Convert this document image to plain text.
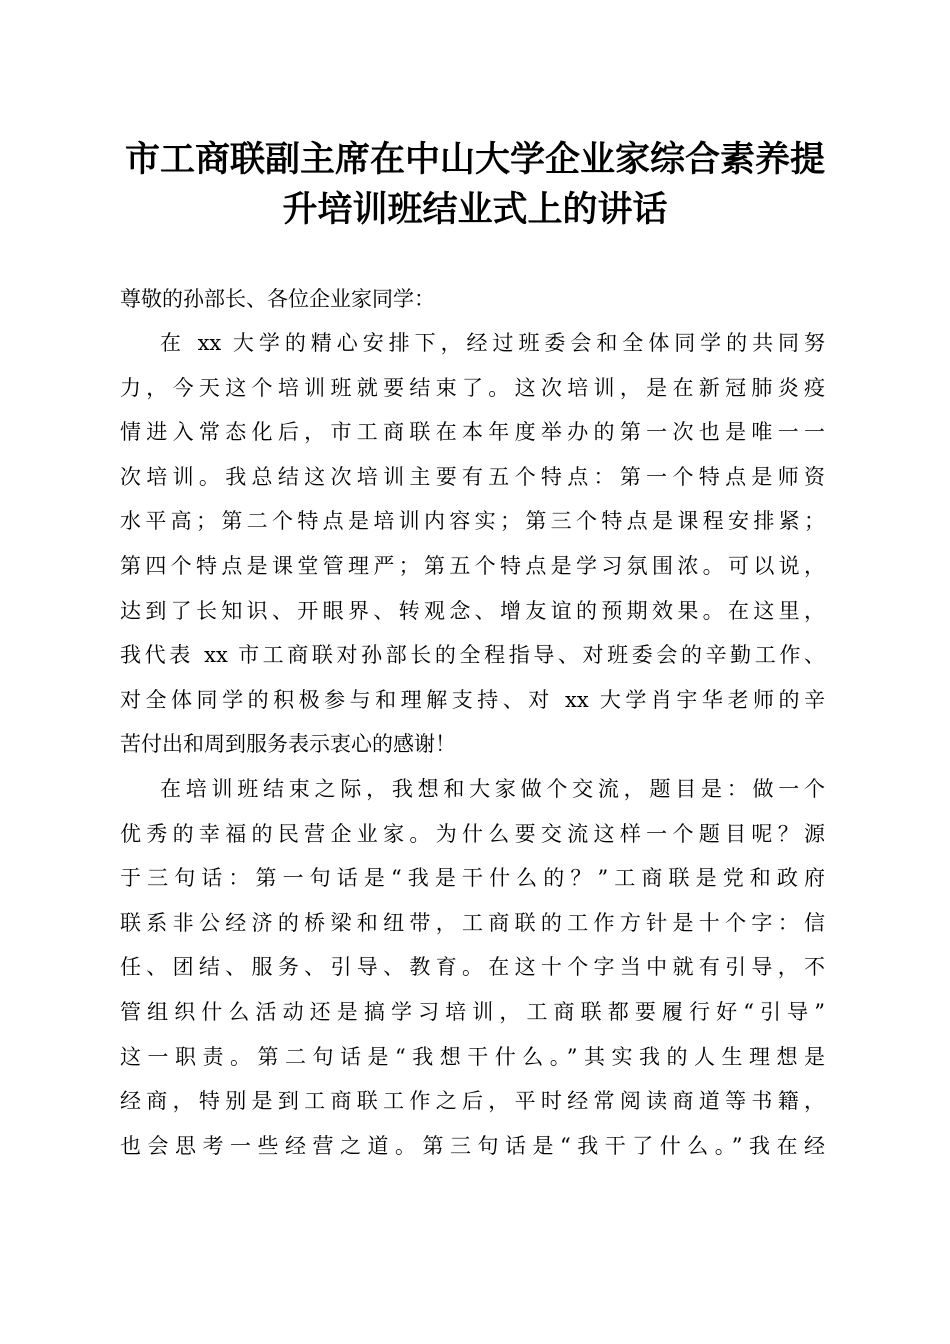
市工商联副主席在中山大学企业家综合素养提
升培训班结业式上的讲话

尊敬的孙部长、各位企业家同学：

在 xx 大学的精心安排下，经过班委会和全体同学的共同努
力，今天这个培训班就要结束了。这次培训，是在新冠肺炎疫
情进入常态化后，市工商联在本年度举办的第一次也是唯一一
次培训。我总结这次培训主要有五个特点：第一个特点是师资
水平高；第二个特点是培训内容实；第三个特点是课程安排紧；
第四个特点是课堂管理严；第五个特点是学习氛围浓。可以说，
达到了长知识、开眼界、转观念、增友谊的预期效果。在这里，
我代表 xx 市工商联对孙部长的全程指导、对班委会的辛勤工作、
对全体同学的积极参与和理解支持、对 xx 大学肖宇华老师的辛
苦付出和周到服务表示衷心的感谢！
在培训班结束之际，我想和大家做个交流，题目是：做一个
优秀的幸福的民营企业家。为什么要交流这样一个题目呢？源
于三句话：第一句话是“我是干什么的？”工商联是党和政府
联系非公经济的桥梁和纽带，工商联的工作方针是十个字：信
任、团结、服务、引导、教育。在这十个字当中就有引导，不
管组织什么活动还是搞学习培训，工商联都要履行好“引导”
这一职责。第二句话是“我想干什么。”其实我的人生理想是
经商，特别是到工商联工作之后，平时经常阅读商道等书籍，
也会思考一些经营之道。第三句话是“我干了什么。”我在经
